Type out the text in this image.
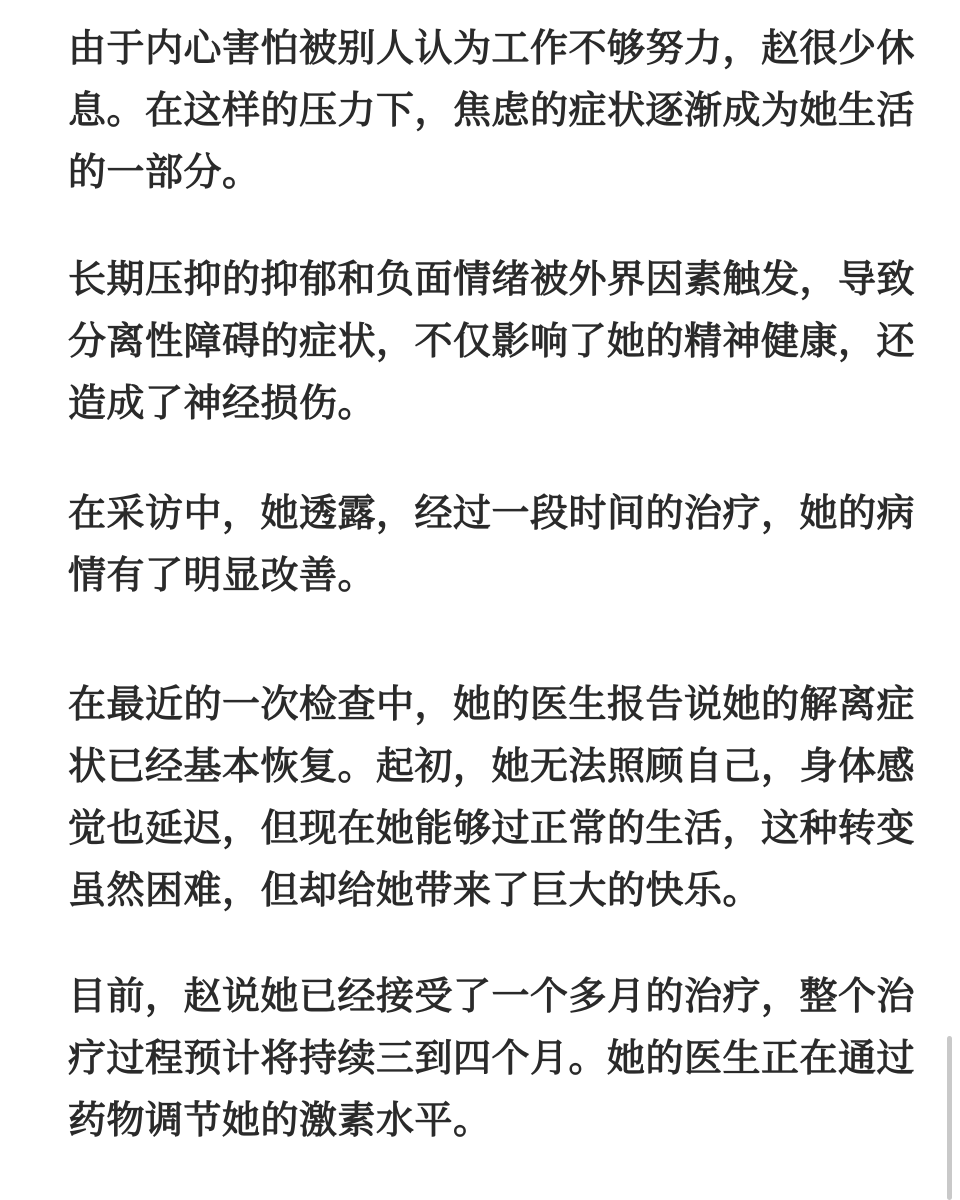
由于内心害怕被别人认为工作不够努力，赵很少休
息。在这样的压力下，焦虑的症状逐渐成为她生活
的一部分。
长期压抑的抑郁和负面情绪被外界因素触发，导致
分离性障碍的症状，不仅影响了她的精神健康，还
造成了神经损伤。
在采访中，她透露，经过一段时间的治疗，她的病
情有了明显改善。
在最近的一次检查中，她的医生报告说她的解离症
状已经基本恢复。起初，她无法照顾自己，身体感
觉也延迟，但现在她能够过正常的生活，这种转变
虽然困难，但却给她带来了巨大的快乐。
目前，赵说她已经接受了一个多月的治疗，整个治
疗过程预计将持续三到四个月。她的医生正在通过
药物调节她的激素水平。
